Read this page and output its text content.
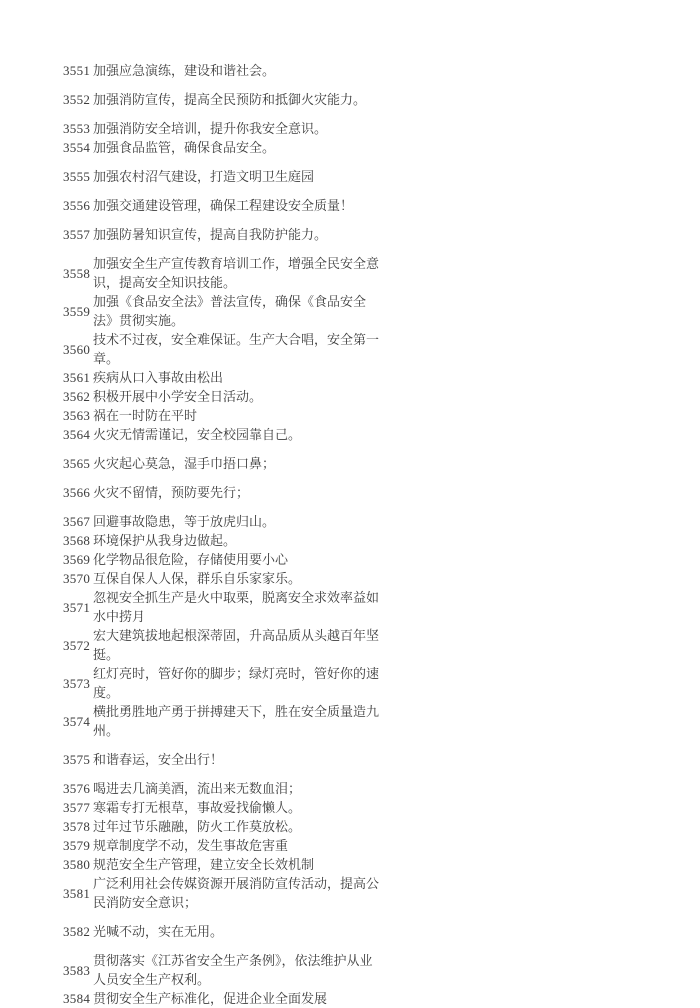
3551 加强应急演练，建设和谐社会。
3552 加强消防宣传，提高全民预防和抵御火灾能力。
3553 加强消防安全培训，提升你我安全意识。
3554 加强食品监管，确保食品安全。
3555 加强农村沼气建设，打造文明卫生庭园
3556 加强交通建设管理，确保工程建设安全质量！
3557 加强防暑知识宣传，提高自我防护能力。
3558
加强安全生产宣传教育培训工作，增强全民安全意识，提高安全知识技能。
3559
加强《食品安全法》普法宣传，确保《食品安全法》贯彻实施。
3560
技术不过夜，安全难保证。生产大合唱，安全第一章。
3561 疾病从口入事故由松出
3562 积极开展中小学安全日活动。
3563 祸在一时防在平时
3564 火灾无情需谨记，安全校园靠自己。
3565 火灾起心莫急，湿手巾捂口鼻；
3566 火灾不留情，预防要先行；
3567 回避事故隐患，等于放虎归山。
3568 环境保护从我身边做起。
3569 化学物品很危险，存储使用要小心
3570 互保自保人人保，群乐自乐家家乐。
3571
忽视安全抓生产是火中取栗，脱离安全求效率益如水中捞月
3572
宏大建筑拔地起根深蒂固，升高品质从头越百年坚挺。
3573
红灯亮时，管好你的脚步；绿灯亮时，管好你的速度。
3574
横批勇胜地产勇于拼搏建天下，胜在安全质量造九州。
3575 和谐春运，安全出行！
3576 喝进去几滴美酒，流出来无数血泪；
3577 寒霜专打无根草，事故爱找偷懒人。
3578 过年过节乐融融，防火工作莫放松。
3579 规章制度学不动，发生事故危害重
3580 规范安全生产管理，建立安全长效机制
3581
广泛利用社会传媒资源开展消防宣传活动，提高公民消防安全意识；
3582 光喊不动，实在无用。
3583
贯彻落实《江苏省安全生产条例》，依法维护从业人员安全生产权利。
3584 贯彻安全生产标准化，促进企业全面发展
